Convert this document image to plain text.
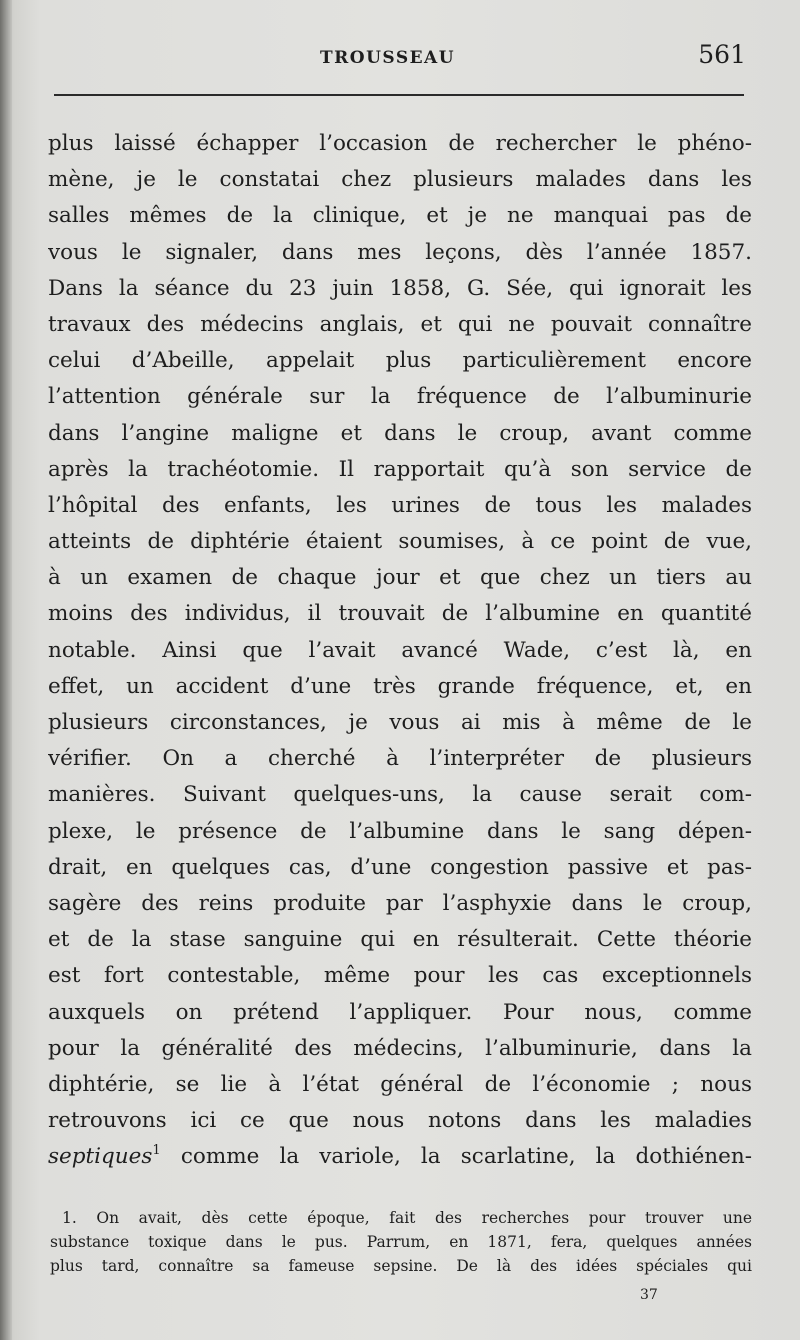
TROUSSEAU	561
plus laissé échapper l’occasion de rechercher le phéno-
mène, je le constatai chez plusieurs malades dans les
salles mêmes de la clinique, et je ne manquai pas de
vous le signaler, dans mes leçons, dès l’année 1857.
Dans la séance du 23 juin 1858, G. Sée, qui ignorait les
travaux des médecins anglais, et qui ne pouvait connaître
celui d’Abeille, appelait plus particulièrement encore
l’attention générale sur la fréquence de l’albuminurie
dans l’angine maligne et dans le croup, avant comme
après la trachéotomie. Il rapportait qu’à son service de
l’hôpital des enfants, les urines de tous les malades
atteints de diphtérie étaient soumises, à ce point de vue,
à un examen de chaque jour et que chez un tiers au
moins des individus, il trouvait de l’albumine en quantité
notable. Ainsi que l’avait avancé Wade, c’est là, en
effet, un accident d’une très grande fréquence, et, en
plusieurs circonstances, je vous ai mis à même de le
vérifier. On a cherché à l’interpréter de plusieurs
manières. Suivant quelques-uns, la cause serait com-
plexe, le présence de l’albumine dans le sang dépen-
drait, en quelques cas, d’une congestion passive et pas-
sagère des reins produite par l’asphyxie dans le croup,
et de la stase sanguine qui en résulterait. Cette théorie
est fort contestable, même pour les cas exceptionnels
auxquels on prétend l’appliquer. Pour nous, comme
pour la généralité des médecins, l’albuminurie, dans la
diphtérie, se lie à l’état général de l’économie ; nous
retrouvons ici ce que nous notons dans les maladies
septiques$^1$ comme la variole, la scarlatine, la dothiénen-
1. On avait, dès cette époque, fait des recherches pour trouver une
substance toxique dans le pus. Parrum, en 1871, fera, quelques années
plus tard, connaître sa fameuse sepsine. De là des idées spéciales qui
37
